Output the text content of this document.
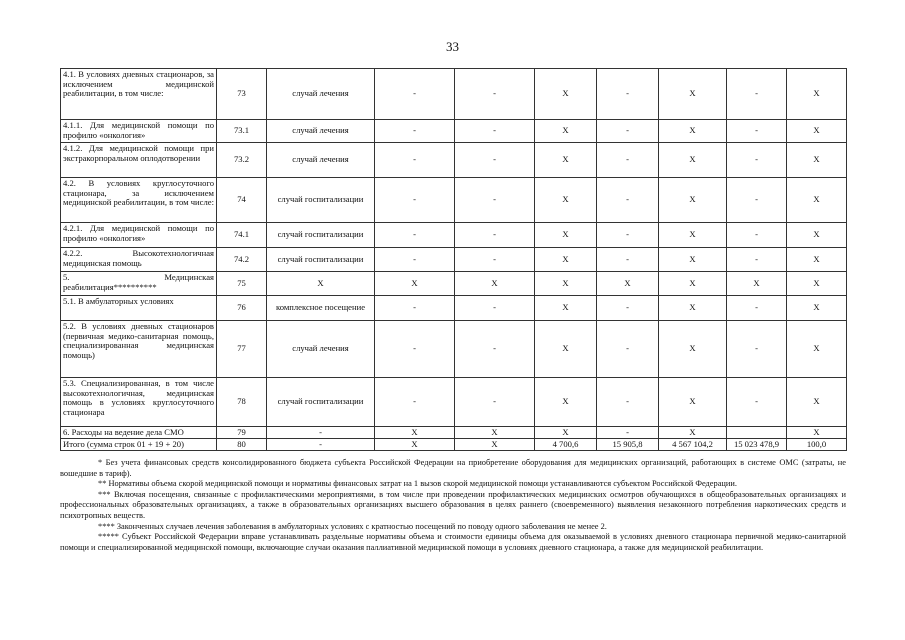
33
4.1. В условиях дневных стационаров, за исключением медицинской реабилитации, в том числе:	73	случай лечения	-	-	Х	-	Х	-	Х
4.1.1. Для медицинской помощи по профилю «онкология»	73.1	случай лечения	-	-	Х	-	Х	-	Х
4.1.2. Для медицинской помощи при экстракорпоральном оплодотворении	73.2	случай лечения	-	-	Х	-	Х	-	Х
4.2. В условиях круглосуточного стационара, за исключением медицинской реабилитации, в том числе:	74	случай госпитализации	-	-	Х	-	Х	-	Х
4.2.1. Для медицинской помощи по профилю «онкология»	74.1	случай госпитализации	-	-	Х	-	Х	-	Х
4.2.2. Высокотехнологичная медицинская помощь	74.2	случай госпитализации	-	-	Х	-	Х	-	Х
5. Медицинская реабилитация**********	75	Х	Х	Х	Х	Х	Х	Х	Х
5.1. В амбулаторных условиях	76	комплексное посещение	-	-	Х	-	Х	-	Х
5.2. В условиях дневных стационаров (первичная медико-санитарная помощь, специализированная медицинская помощь)	77	случай лечения	-	-	Х	-	Х	-	Х
5.3. Специализированная, в том числе высокотехнологичная, медицинская помощь в условиях круглосуточного стационара	78	случай госпитализации	-	-	Х	-	Х	-	Х
6. Расходы на ведение дела СМО	79	-	Х	Х	Х	-	Х		Х
Итого (сумма строк 01 + 19 + 20)	80	-	Х	Х	4 700,6	15 905,8	4 567 104,2	15 023 478,9	100,0

* Без учета финансовых средств консолидированного бюджета субъекта Российской Федерации на приобретение оборудования для медицинских организаций, работающих в системе ОМС (затраты, не вошедшие в тариф).

** Нормативы объема скорой медицинской помощи и нормативы финансовых затрат на 1 вызов скорой медицинской помощи устанавливаются субъектом Российской Федерации.

*** Включая посещения, связанные с профилактическими мероприятиями, в том числе при проведении профилактических медицинских осмотров обучающихся в общеобразовательных организациях и профессиональных образовательных организациях, а также в образовательных организациях высшего образования в целях раннего (своевременного) выявления незаконного потребления наркотических средств и психотропных веществ.

**** Законченных случаев лечения заболевания в амбулаторных условиях с кратностью посещений по поводу одного заболевания не менее 2.

***** Субъект Российской Федерации вправе устанавливать раздельные нормативы объема и стоимости единицы объема для оказываемой в условиях дневного стационара первичной медико-санитарной помощи и специализированной медицинской помощи, включающие случаи оказания паллиативной медицинской помощи в условиях дневного стационара, а также для медицинской реабилитации.
